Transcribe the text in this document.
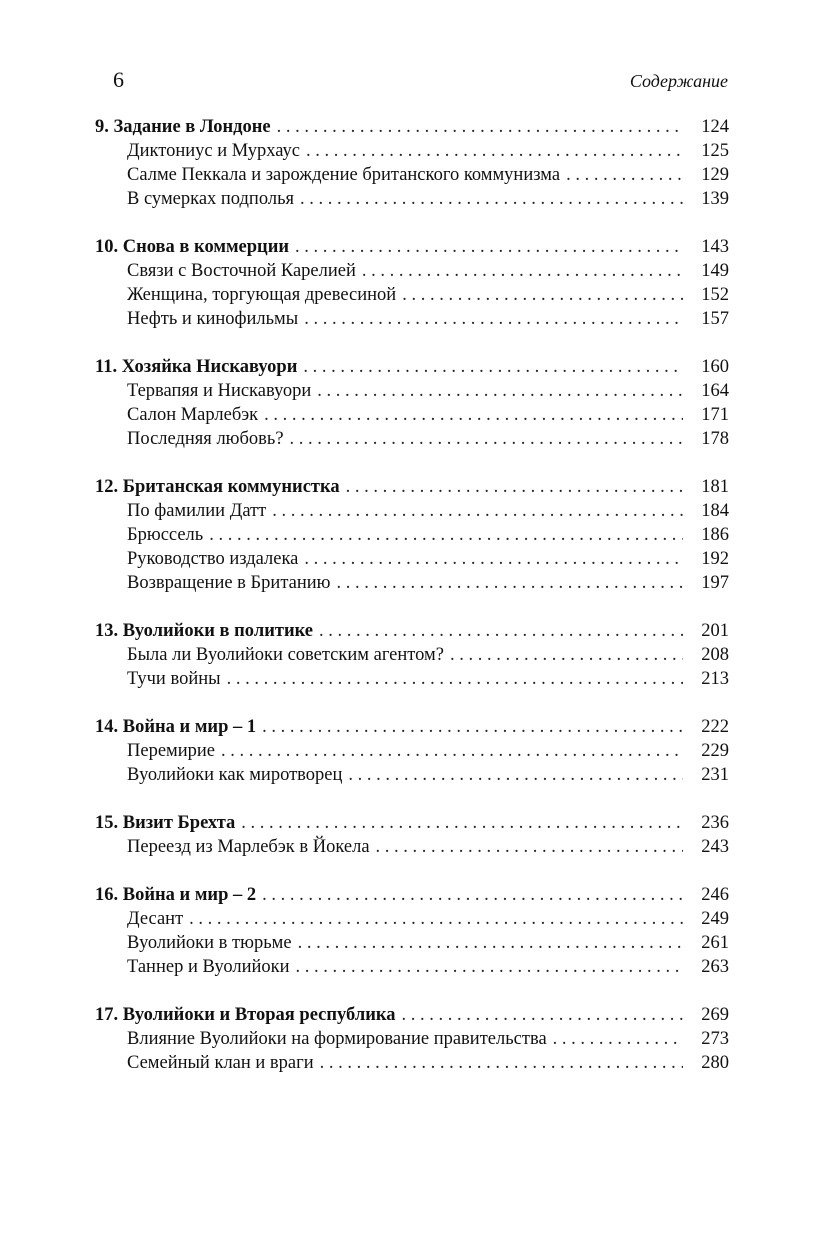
6	Содержание
9. Задание в Лондоне . . .	124
Диктониус и Мурхаус . . .	125
Салме Пеккала и зарождение британского коммунизма . . .	129
В сумерках подполья . . .	139
10. Снова в коммерции . . .	143
Связи с Восточной Карелией . . .	149
Женщина, торгующая древесиной . . .	152
Нефть и кинофильмы . . .	157
11. Хозяйка Нискавуори . . .	160
Тервапяя и Нискавуори . . .	164
Салон Марлебэк . . .	171
Последняя любовь? . . .	178
12. Британская коммунистка . . .	181
По фамилии Датт . . .	184
Брюссель . . .	186
Руководство издалека . . .	192
Возвращение в Британию . . .	197
13. Вуолийоки в политике . . .	201
Была ли Вуолийоки советским агентом? . . .	208
Тучи войны . . .	213
14. Война и мир – 1 . . .	222
Перемирие . . .	229
Вуолийоки как миротворец . . .	231
15. Визит Брехта . . .	236
Переезд из Марлебэк в Йокела . . .	243
16. Война и мир – 2 . . .	246
Десант . . .	249
Вуолийоки в тюрьме . . .	261
Таннер и Вуолийоки . . .	263
17. Вуолийоки и Вторая республика . . .	269
Влияние Вуолийоки на формирование правительства . . .	273
Семейный клан и враги . . .	280
